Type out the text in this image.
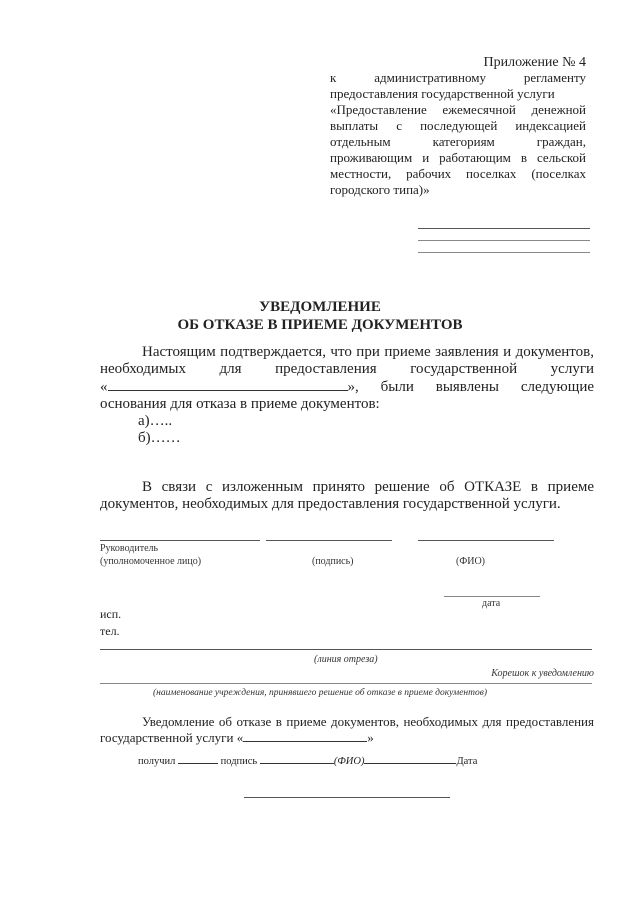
Приложение № 4
к административному регламенту
предоставления государственной услуги
«Предоставление ежемесячной денежной
выплаты с последующей индексацией
отдельным категориям граждан,
проживающим и работающим в сельской
местности, рабочих поселках (поселках
городского типа)»
УВЕДОМЛЕНИЕ
ОБ ОТКАЗЕ В ПРИЕМЕ ДОКУМЕНТОВ
Настоящим подтверждается, что при приеме заявления и документов,
необходимых для предоставления государственной услуги
«	», были выявлены следующие
основания для отказа в приеме документов:
а)…..
б)……
В связи с изложенным принято решение об ОТКАЗЕ в приеме
документов, необходимых для предоставления государственной услуги.
Руководитель
(уполномоченное лицо)	(подпись)	(ФИО)
дата
исп.
тел.
(линия отреза)
Корешок к уведомлению
(наименование учреждения, принявшего решение об отказе в приеме документов)
Уведомление об отказе в приеме документов, необходимых для предоставления
государственной услуги «	»
получил	подпись	(ФИО)	Дата
